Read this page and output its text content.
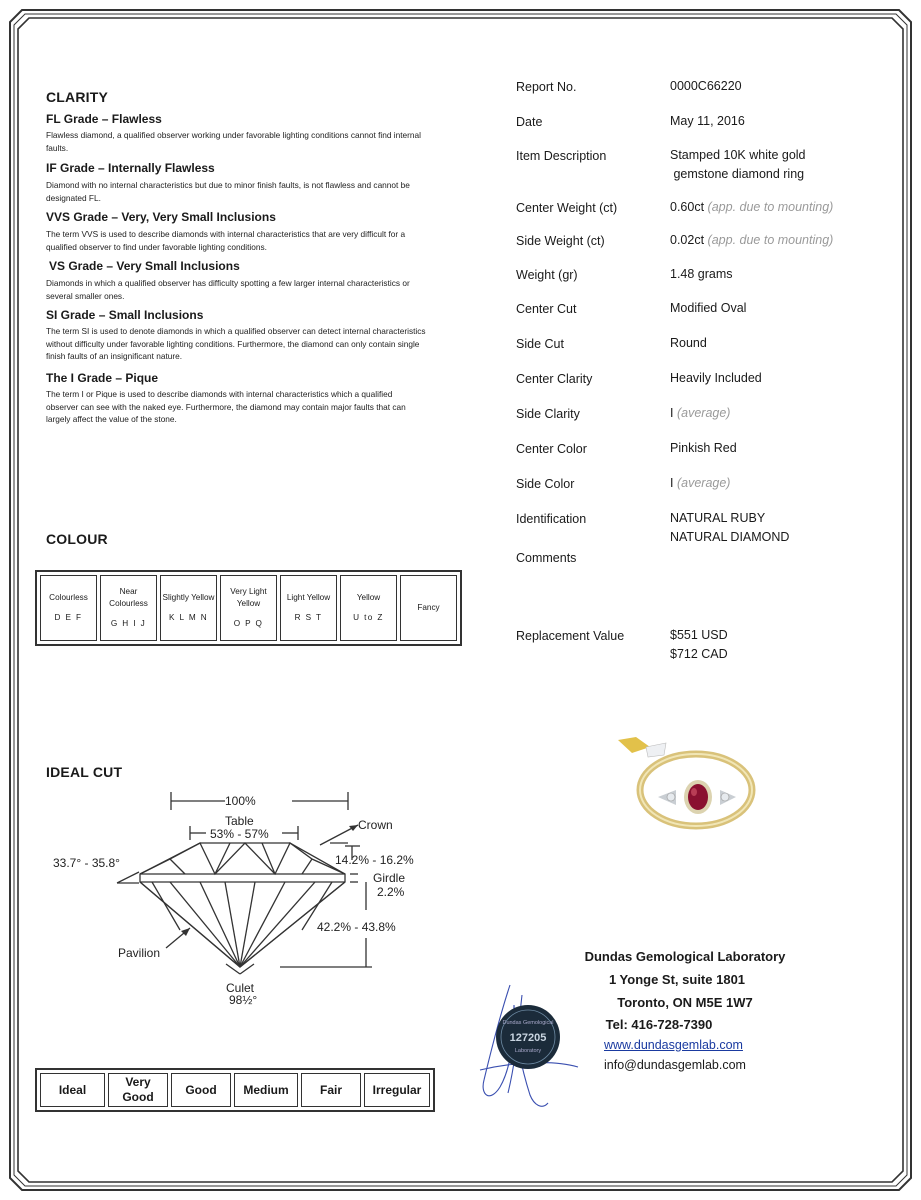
CLARITY
FL Grade – Flawless
Flawless diamond, a qualified observer working under favorable lighting conditions cannot find internal faults.
IF Grade – Internally Flawless
Diamond with no internal characteristics but due to minor finish faults, is not flawless and cannot be designated FL.
VVS Grade – Very, Very Small Inclusions
The term VVS is used to describe diamonds with internal characteristics that are very difficult for a qualified observer to find under favorable lighting conditions.
VS Grade – Very Small Inclusions
Diamonds in which a qualified observer has difficulty spotting a few larger internal characteristics or several smaller ones.
SI Grade – Small Inclusions
The term SI is used to denote diamonds in which a qualified observer can detect internal characteristics without difficulty under favorable lighting conditions. Furthermore, the diamond can only contain single finish faults of an insignificant nature.
The I Grade – Pique
The term I or Pique is used to describe diamonds with internal characteristics which a qualified observer can see with the naked eye. Furthermore, the diamond may contain major faults that can largely affect the value of the stone.
COLOUR
Colourless
D E F
	Near Colourless
G H I J
	Slightly Yellow
K L M N
	Very Light Yellow
O P Q
	Light Yellow
R S T
	Yellow
U to Z
	Fancy
IDEAL CUT
100%
Table
53% - 57%
Crown
33.7° - 35.8°	14.2% - 16.2%
Girdle
2.2%
42.2% - 43.8%
Pavilion
Culet
98½°
Ideal	Very Good	Good	Medium	Fair	Irregular
Report No.	0000C66220
Date	May 11, 2016
Item Description	Stamped 10K white gold
gemstone diamond ring
Center Weight (ct)	0.60ct (app. due to mounting)
Side Weight (ct)	0.02ct (app. due to mounting)
Weight (gr)	1.48 grams
Center Cut	Modified Oval
Side Cut	Round
Center Clarity	Heavily Included
Side Clarity	I (average)
Center Color	Pinkish Red
Side Color	I (average)
Identification	NATURAL RUBY
NATURAL DIAMOND
Comments
Replacement Value	$551 USD
$712 CAD
Dundas Gemological Laboratory
1 Yonge St, suite 1801
Toronto, ON M5E 1W7
Tel: 416-728-7390
www.dundasgemlab.com
info@dundasgemlab.com
Dundas Gemological
127205
Laboratory
